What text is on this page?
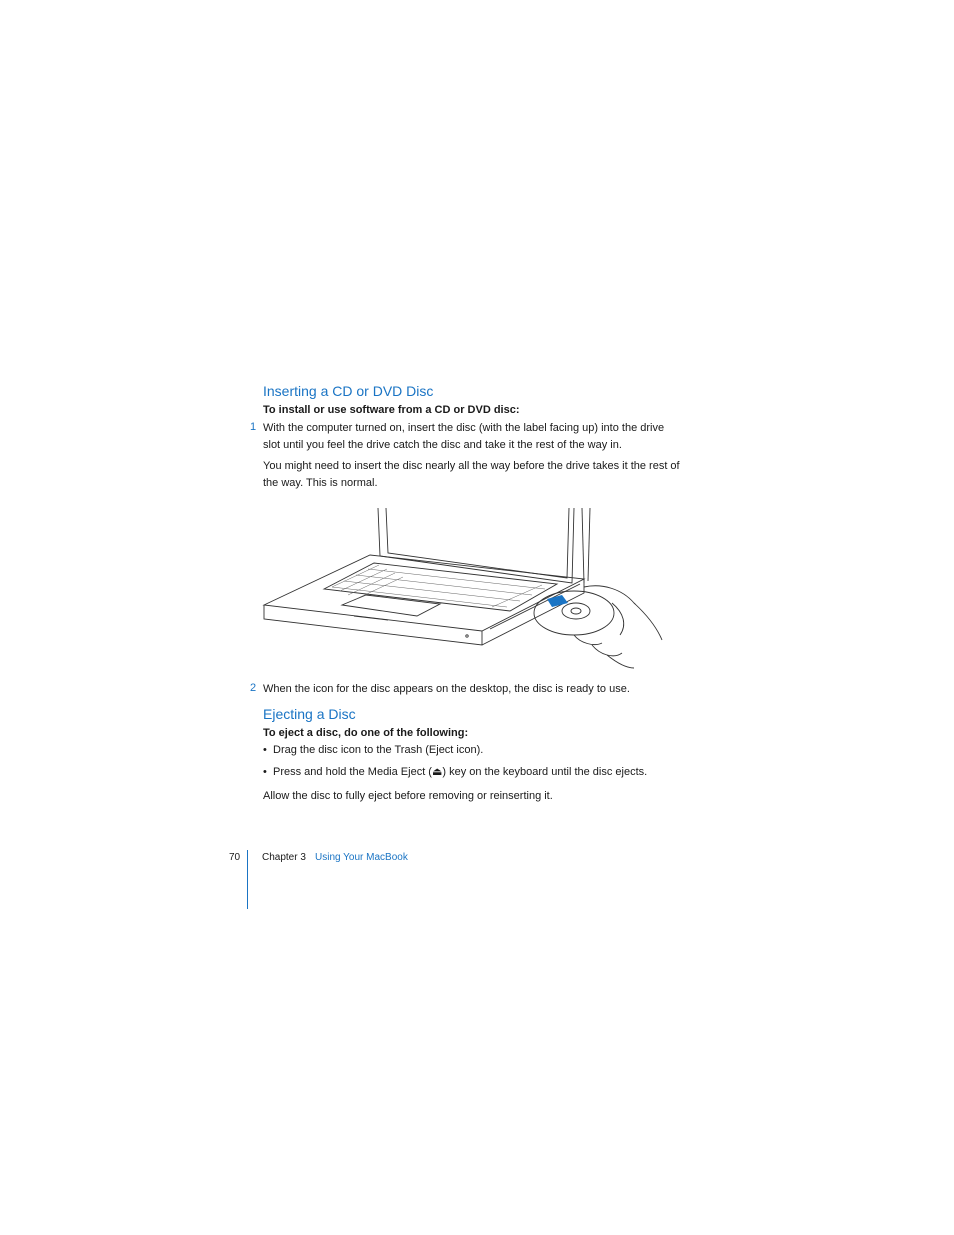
Inserting a CD or DVD Disc
To install or use software from a CD or DVD disc:
1 With the computer turned on, insert the disc (with the label facing up) into the drive
slot until you feel the drive catch the disc and take it the rest of the way in.
You might need to insert the disc nearly all the way before the drive takes it the rest of
the way. This is normal.
2 When the icon for the disc appears on the desktop, the disc is ready to use.
Ejecting a Disc
To eject a disc, do one of the following:
• Drag the disc icon to the Trash (Eject icon).
• Press and hold the Media Eject (⏏) key on the keyboard until the disc ejects.
Allow the disc to fully eject before removing or reinserting it.
70 Chapter 3 Using Your MacBook
